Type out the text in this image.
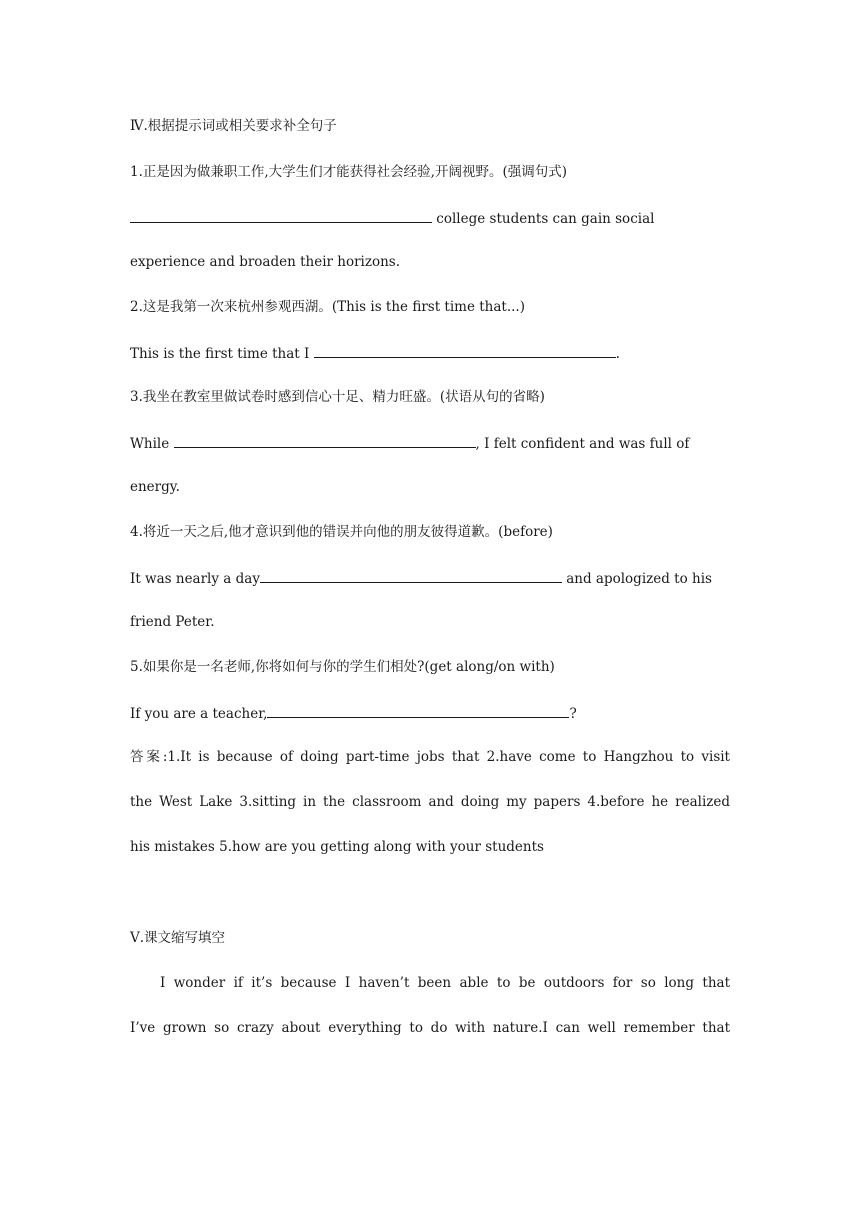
Ⅳ.根据提示词或相关要求补全句子
1.正是因为做兼职工作,大学生们才能获得社会经验,开阔视野。(强调句式)
college students can gain social
experience and broaden their horizons.
2.这是我第一次来杭州参观西湖。(This is the first time that...)
This is the first time that I	.
3.我坐在教室里做试卷时感到信心十足、精力旺盛。(状语从句的省略)
While	, I felt confident and was full of
energy.
4.将近一天之后,他才意识到他的错误并向他的朋友彼得道歉。(before)
It was nearly a day	and apologized to his
friend Peter.
5.如果你是一名老师,你将如何与你的学生们相处?(get along/on with)
If you are a teacher,	?
答案:1.It is because of doing part-time jobs that 2.have come to Hangzhou to visit
the West Lake 3.sitting in the classroom and doing my papers 4.before he realized
his mistakes 5.how are you getting along with your students
Ⅴ.课文缩写填空
I wonder if it’s because I haven’t been able to be outdoors for so long that
I’ve grown so crazy about everything to do with nature.I can well remember that
